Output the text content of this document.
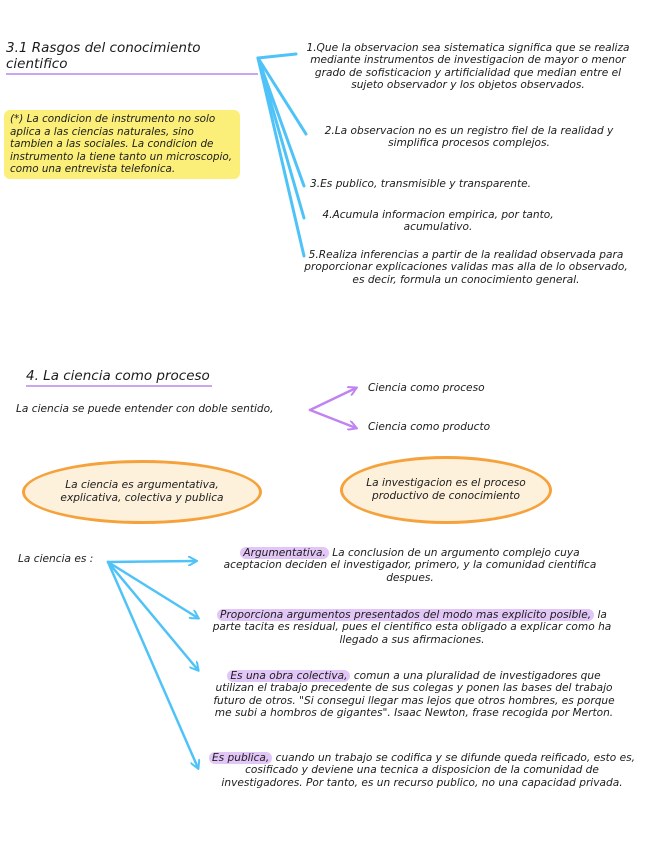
3.1 Rasgos del conocimiento cientifico
(*) La condicion de instrumento no solo aplica a las ciencias naturales, sino tambien a las sociales. La condicion de instrumento la tiene tanto un microscopio, como una entrevista telefonica.
1.Que la observacion sea sistematica significa que se realiza mediante instrumentos de investigacion de mayor o menor grado de sofisticacion y artificialidad que median entre el sujeto observador y los objetos observados.
2.La observacion no es un registro fiel de la realidad y simplifica procesos complejos.
3.Es publico, transmisible y transparente.
4.Acumula informacion empirica, por tanto, acumulativo.
5.Realiza inferencias a partir de la realidad observada para proporcionar explicaciones validas mas alla de lo observado, es decir, formula un conocimiento general.
4. La ciencia como proceso
La ciencia se puede entender con doble sentido,
Ciencia como proceso
Ciencia como producto
La ciencia es argumentativa, explicativa, colectiva y publica
La investigacion es el proceso productivo de conocimiento
La ciencia es :	Argumentativa. La conclusion de un argumento complejo cuya aceptacion deciden el investigador, primero, y la comunidad cientifica despues.
Proporciona argumentos presentados del modo mas explicito posible, la parte tacita es residual, pues el cientifico esta obligado a explicar como ha llegado a sus afirmaciones.
Es una obra colectiva, comun a una pluralidad de investigadores que utilizan el trabajo precedente de sus colegas y ponen las bases del trabajo futuro de otros. "Si consegui llegar mas lejos que otros hombres, es porque me subi a hombros de gigantes". Isaac Newton, frase recogida por Merton.
Es publica, cuando un trabajo se codifica y se difunde queda reificado, esto es, cosificado y deviene una tecnica a disposicion de la comunidad de investigadores. Por tanto, es un recurso publico, no una capacidad privada.
